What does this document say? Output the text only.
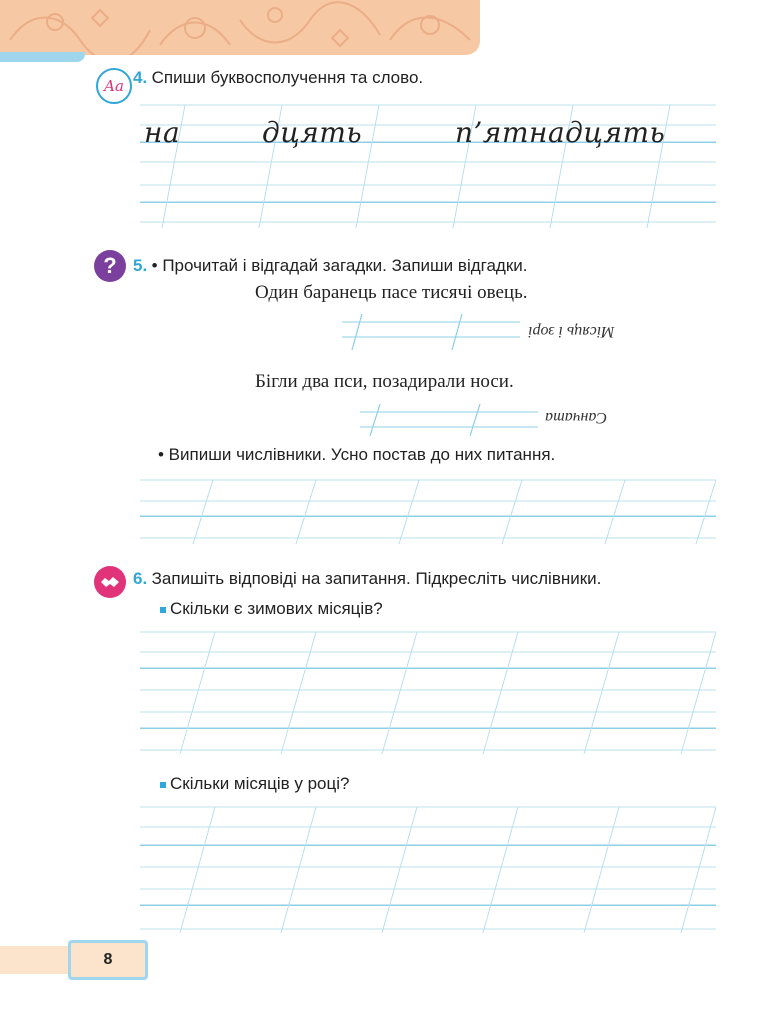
Aa 4. Спиши буквосполучення та слово.
на	дцять	п’ятнадцять
? 5. • Прочитай і відгадай загадки. Запиши відгадки.
Один баранець пасе тисячі овець.
Місяць і зорі
Бігли два пси, позадирали носи.
Санчата
• Випиши числівники. Усно постав до них питання.
6. Запишіть відповіді на запитання. Підкресліть числівники.
Скільки є зимових місяців?
Скільки місяців у році?
8
